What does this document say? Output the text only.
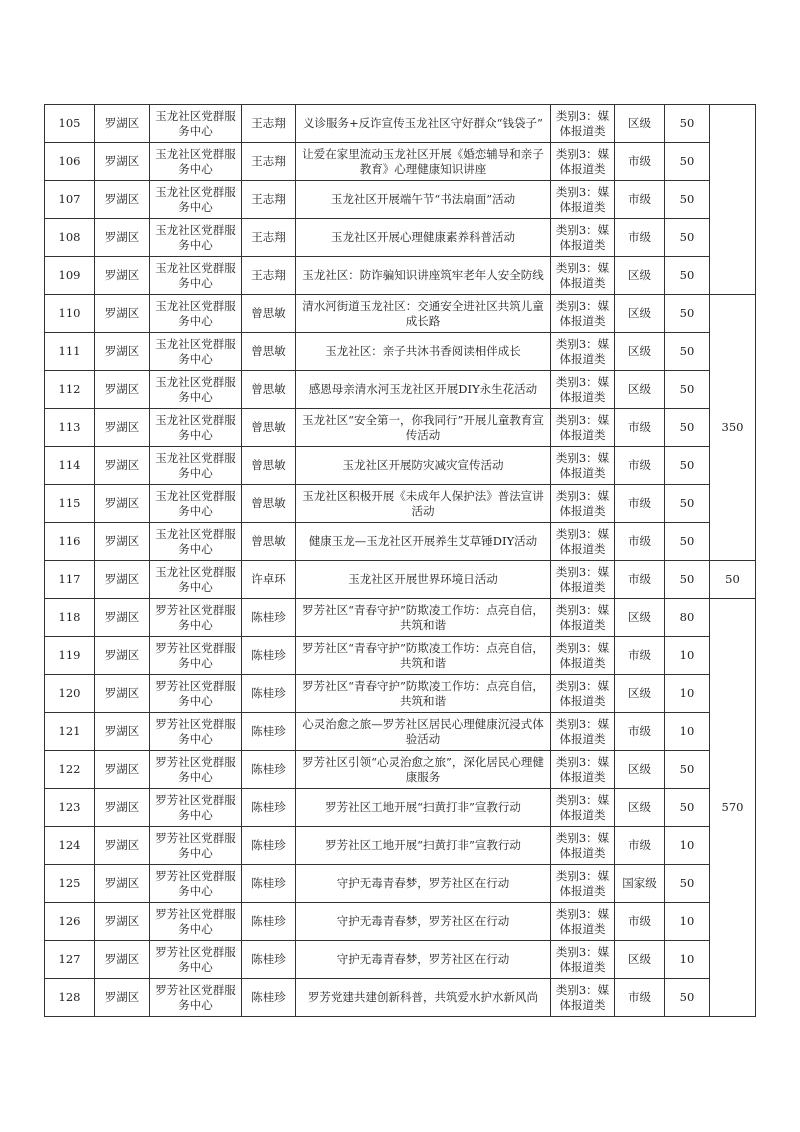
105	罗湖区	玉龙社区党群服务中心	王志翔	义诊服务+反诈宣传玉龙社区守好群众“钱袋子”	类别3：媒体报道类	区级	50	
106	罗湖区	玉龙社区党群服务中心	王志翔	让爱在家里流动玉龙社区开展《婚恋辅导和亲子教育》心理健康知识讲座	类别3：媒体报道类	市级	50	
107	罗湖区	玉龙社区党群服务中心	王志翔	玉龙社区开展端午节“书法扇面”活动	类别3：媒体报道类	市级	50	
108	罗湖区	玉龙社区党群服务中心	王志翔	玉龙社区开展心理健康素养科普活动	类别3：媒体报道类	市级	50	
109	罗湖区	玉龙社区党群服务中心	王志翔	玉龙社区：防诈骗知识讲座筑牢老年人安全防线	类别3：媒体报道类	区级	50	
110	罗湖区	玉龙社区党群服务中心	曾思敏	清水河街道玉龙社区：交通安全进社区共筑儿童成长路	类别3：媒体报道类	区级	50	350
111	罗湖区	玉龙社区党群服务中心	曾思敏	玉龙社区：亲子共沐书香阅读相伴成长	类别3：媒体报道类	区级	50	
112	罗湖区	玉龙社区党群服务中心	曾思敏	感恩母亲清水河玉龙社区开展DIY永生花活动	类别3：媒体报道类	区级	50	
113	罗湖区	玉龙社区党群服务中心	曾思敏	玉龙社区“安全第一，你我同行”开展儿童教育宣传活动	类别3：媒体报道类	市级	50	
114	罗湖区	玉龙社区党群服务中心	曾思敏	玉龙社区开展防灾减灾宣传活动	类别3：媒体报道类	市级	50	
115	罗湖区	玉龙社区党群服务中心	曾思敏	玉龙社区积极开展《未成年人保护法》普法宣讲活动	类别3：媒体报道类	市级	50	
116	罗湖区	玉龙社区党群服务中心	曾思敏	健康玉龙—玉龙社区开展养生艾草锤DIY活动	类别3：媒体报道类	市级	50	
117	罗湖区	玉龙社区党群服务中心	许卓环	玉龙社区开展世界环境日活动	类别3：媒体报道类	市级	50	50
118	罗湖区	罗芳社区党群服务中心	陈桂珍	罗芳社区“青春守护”防欺凌工作坊：点亮自信，共筑和谐	类别3：媒体报道类	区级	80	570
119	罗湖区	罗芳社区党群服务中心	陈桂珍	罗芳社区“青春守护”防欺凌工作坊：点亮自信，共筑和谐	类别3：媒体报道类	市级	10	
120	罗湖区	罗芳社区党群服务中心	陈桂珍	罗芳社区“青春守护”防欺凌工作坊：点亮自信，共筑和谐	类别3：媒体报道类	区级	10	
121	罗湖区	罗芳社区党群服务中心	陈桂珍	心灵治愈之旅—罗芳社区居民心理健康沉浸式体验活动	类别3：媒体报道类	市级	10	
122	罗湖区	罗芳社区党群服务中心	陈桂珍	罗芳社区引领“心灵治愈之旅”，深化居民心理健康服务	类别3：媒体报道类	区级	50	
123	罗湖区	罗芳社区党群服务中心	陈桂珍	罗芳社区工地开展“扫黄打非”宣教行动	类别3：媒体报道类	区级	50	
124	罗湖区	罗芳社区党群服务中心	陈桂珍	罗芳社区工地开展“扫黄打非”宣教行动	类别3：媒体报道类	市级	10	
125	罗湖区	罗芳社区党群服务中心	陈桂珍	守护无毒青春梦，罗芳社区在行动	类别3：媒体报道类	国家级	50	
126	罗湖区	罗芳社区党群服务中心	陈桂珍	守护无毒青春梦，罗芳社区在行动	类别3：媒体报道类	市级	10	
127	罗湖区	罗芳社区党群服务中心	陈桂珍	守护无毒青春梦，罗芳社区在行动	类别3：媒体报道类	区级	10	
128	罗湖区	罗芳社区党群服务中心	陈桂珍	罗芳党建共建创新科普，共筑爱水护水新风尚	类别3：媒体报道类	市级	50	
